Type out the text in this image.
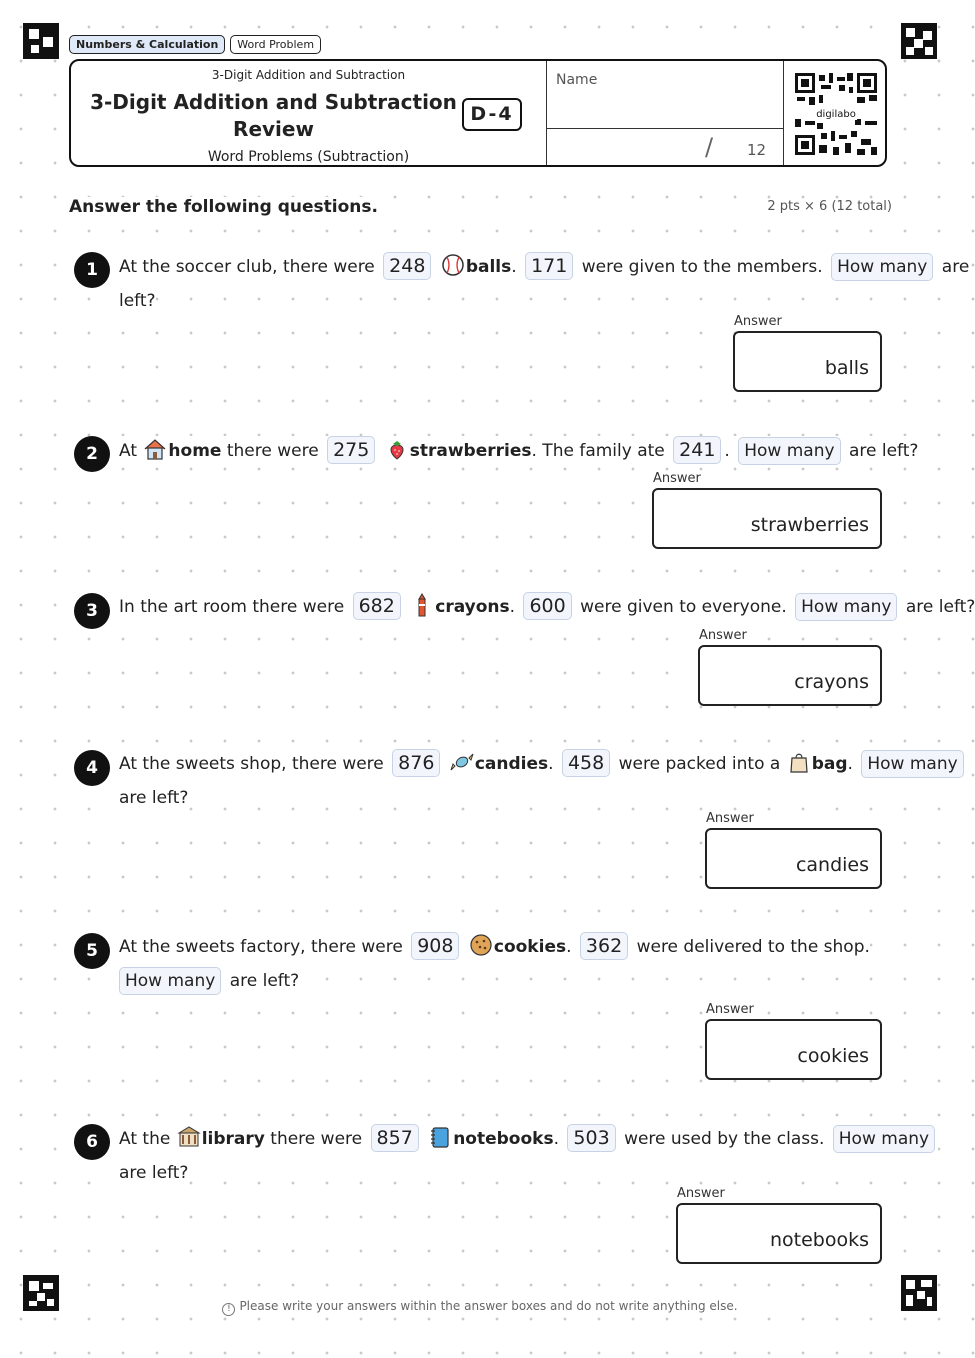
Numbers & Calculation	Word Problem
3-Digit Addition and Subtraction
3-Digit Addition and Subtraction
Review
D-4
Word Problems (Subtraction)
Name
/ 12
digilabo
Answer the following questions.	2 pts × 6 (12 total)
1	At the soccer club, there were 248 balls. 171 were given to the members. How many are
left?
Answer
balls
2	At home there were 275 strawberries. The family ate 241 . How many are left?
Answer
strawberries
3	In the art room there were 682 crayons. 600 were given to everyone. How many are left?
Answer
crayons
4	At the sweets shop, there were 876 candies. 458 were packed into a bag. How many
are left?
Answer
candies
5	At the sweets factory, there were 908 cookies. 362 were delivered to the shop.
How many are left?
Answer
cookies
6	At the library there were 857 notebooks. 503 were used by the class. How many
are left?
Answer
notebooks
! Please write your answers within the answer boxes and do not write anything else.
